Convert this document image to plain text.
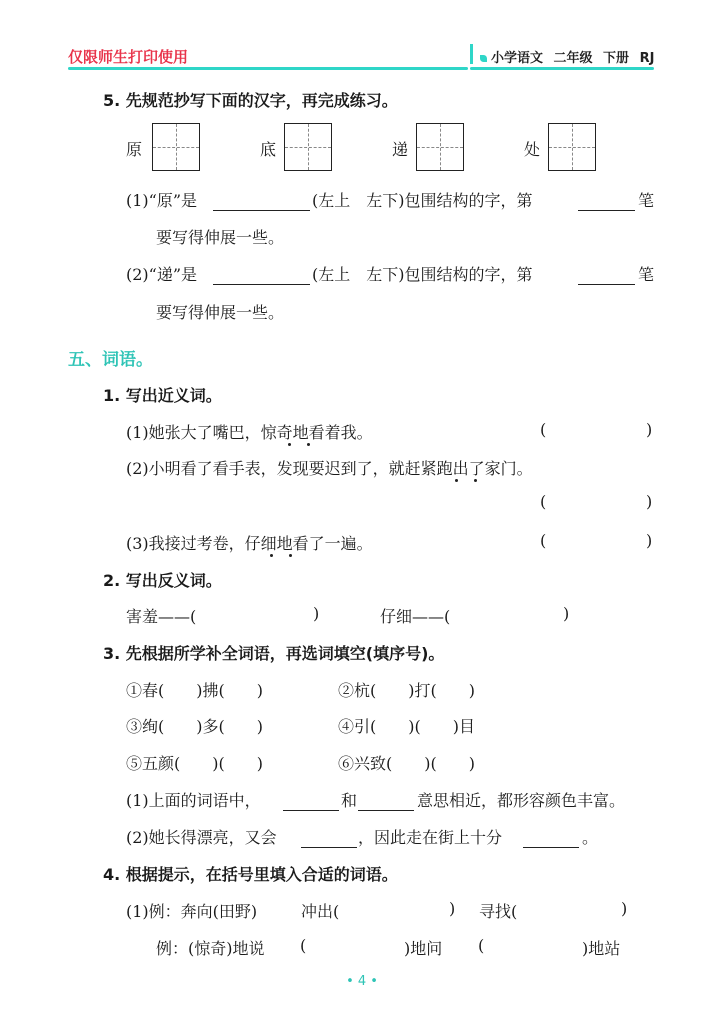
仅限师生打印使用	小学语文 二年级 下册 RJ
5. 先规范抄写下面的汉字，再完成练习。
原	底	递	处
(1)“原”是	(左上　左下)包围结构的字，第	笔
要写得伸展一些。
(2)“递”是	(左上　左下)包围结构的字，第	笔
要写得伸展一些。
五、词语。
1. 写出近义词。
(1)她张大了嘴巴，惊奇地看着我。	(	)
(2)小明看了看手表，发现要迟到了，就赶紧跑出了家门。
(	)
(3)我接过考卷，仔细地看了一遍。	(	)
2. 写出反义词。
害羞——(	)	仔细——(	)
3. 先根据所学补全词语，再选词填空(填序号)。
①春(　　)拂(　　)	②杭(　　)打(　　)
③绚(　　)多(　　)	④引(　　)(　　)目
⑤五颜(　　)(　　)	⑥兴致(　　)(　　)
(1)上面的词语中，	和	意思相近，都形容颜色丰富。
(2)她长得漂亮，又会	，因此走在街上十分	。
4. 根据提示，在括号里填入合适的词语。
(1)例：奔向(田野)	冲出(	) 寻找(	)
例：(惊奇)地说 (	)地问 (	)地站
• 4 •
